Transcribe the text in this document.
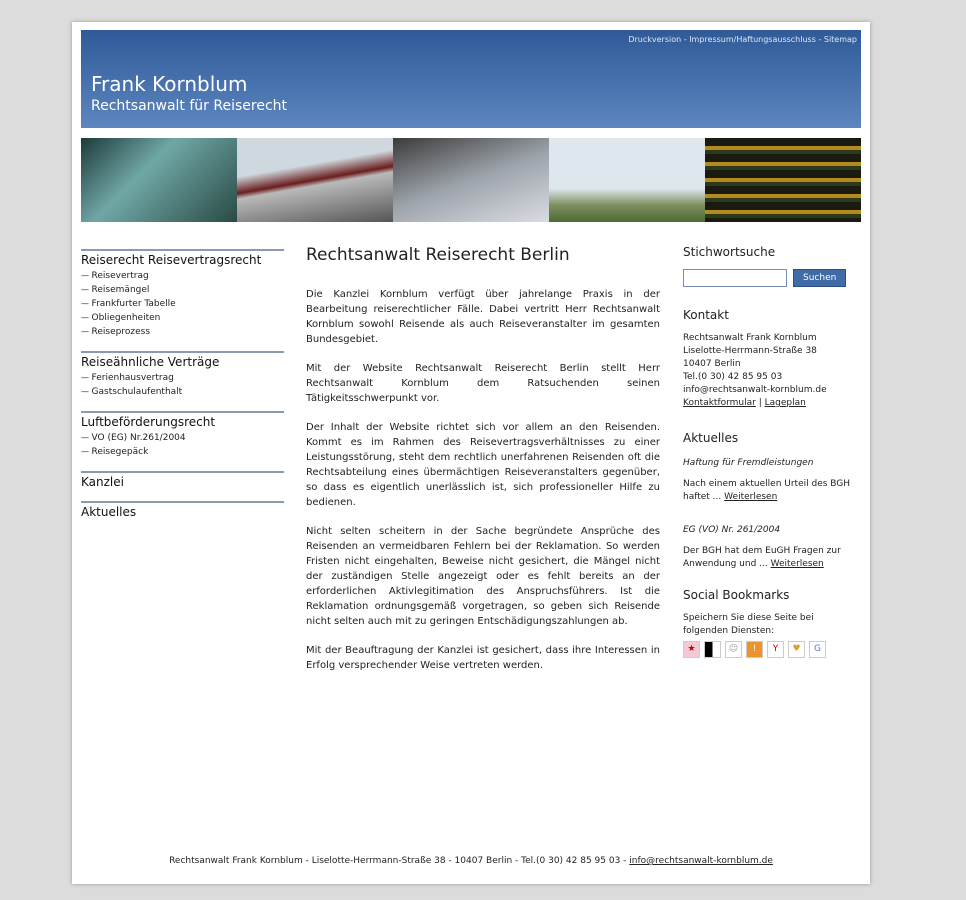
Druckversion - Impressum/Haftungsausschluss - Sitemap
Frank Kornblum
Rechtsanwalt für Reiserecht
Reiserecht Reisevertragsrecht
— Reisevertrag
— Reisemängel
— Frankfurter Tabelle
— Obliegenheiten
— Reiseprozess
Reiseähnliche Verträge
— Ferienhausvertrag
— Gastschulaufenthalt
Luftbeförderungsrecht
— VO (EG) Nr.261/2004
— Reisegepäck
Kanzlei
Aktuelles
Rechtsanwalt Reiserecht Berlin

Die Kanzlei Kornblum verfügt über jahrelange Praxis in der Bearbeitung reiserechtlicher Fälle. Dabei vertritt Herr Rechtsanwalt Kornblum sowohl Reisende als auch Reiseveranstalter im gesamten Bundesgebiet.

Mit der Website Rechtsanwalt Reiserecht Berlin stellt Herr Rechtsanwalt Kornblum dem Ratsuchenden seinen Tätigkeitsschwerpunkt vor.

Der Inhalt der Website richtet sich vor allem an den Reisenden. Kommt es im Rahmen des Reisevertragsverhältnisses zu einer Leistungsstörung, steht dem rechtlich unerfahrenen Reisenden oft die Rechtsabteilung eines übermächtigen Reiseveranstalters gegenüber, so dass es eigentlich unerlässlich ist, sich professioneller Hilfe zu bedienen.

Nicht selten scheitern in der Sache begründete Ansprüche des Reisenden an vermeidbaren Fehlern bei der Reklamation. So werden Fristen nicht eingehalten, Beweise nicht gesichert, die Mängel nicht der zuständigen Stelle angezeigt oder es fehlt bereits an der erforderlichen Aktivlegitimation des Anspruchsführers. Ist die Reklamation ordnungsgemäß vorgetragen, so geben sich Reisende nicht selten auch mit zu geringen Entschädigungszahlungen ab.

Mit der Beauftragung der Kanzlei ist gesichert, dass ihre Interessen in Erfolg versprechender Weise vertreten werden.

Stichwortsuche
Suchen
Kontakt
Rechtsanwalt Frank Kornblum
Liselotte-Herrmann-Straße 38
10407 Berlin
Tel.(0 30) 42 85 95 03
info@rechtsanwalt-kornblum.de
Kontaktformular | Lageplan
Aktuelles
Haftung für Fremdleistungen
Nach einem aktuellen Urteil des BGH haftet ... Weiterlesen
EG (VO) Nr. 261/2004
Der BGH hat dem EuGH Fragen zur Anwendung und ... Weiterlesen
Social Bookmarks
Speichern Sie diese Seite bei folgenden Diensten:
★	☺	!	Y	♥	G
Rechtsanwalt Frank Kornblum - Liselotte-Herrmann-Straße 38 - 10407 Berlin - Tel.(0 30) 42 85 95 03 - info@rechtsanwalt-kornblum.de
